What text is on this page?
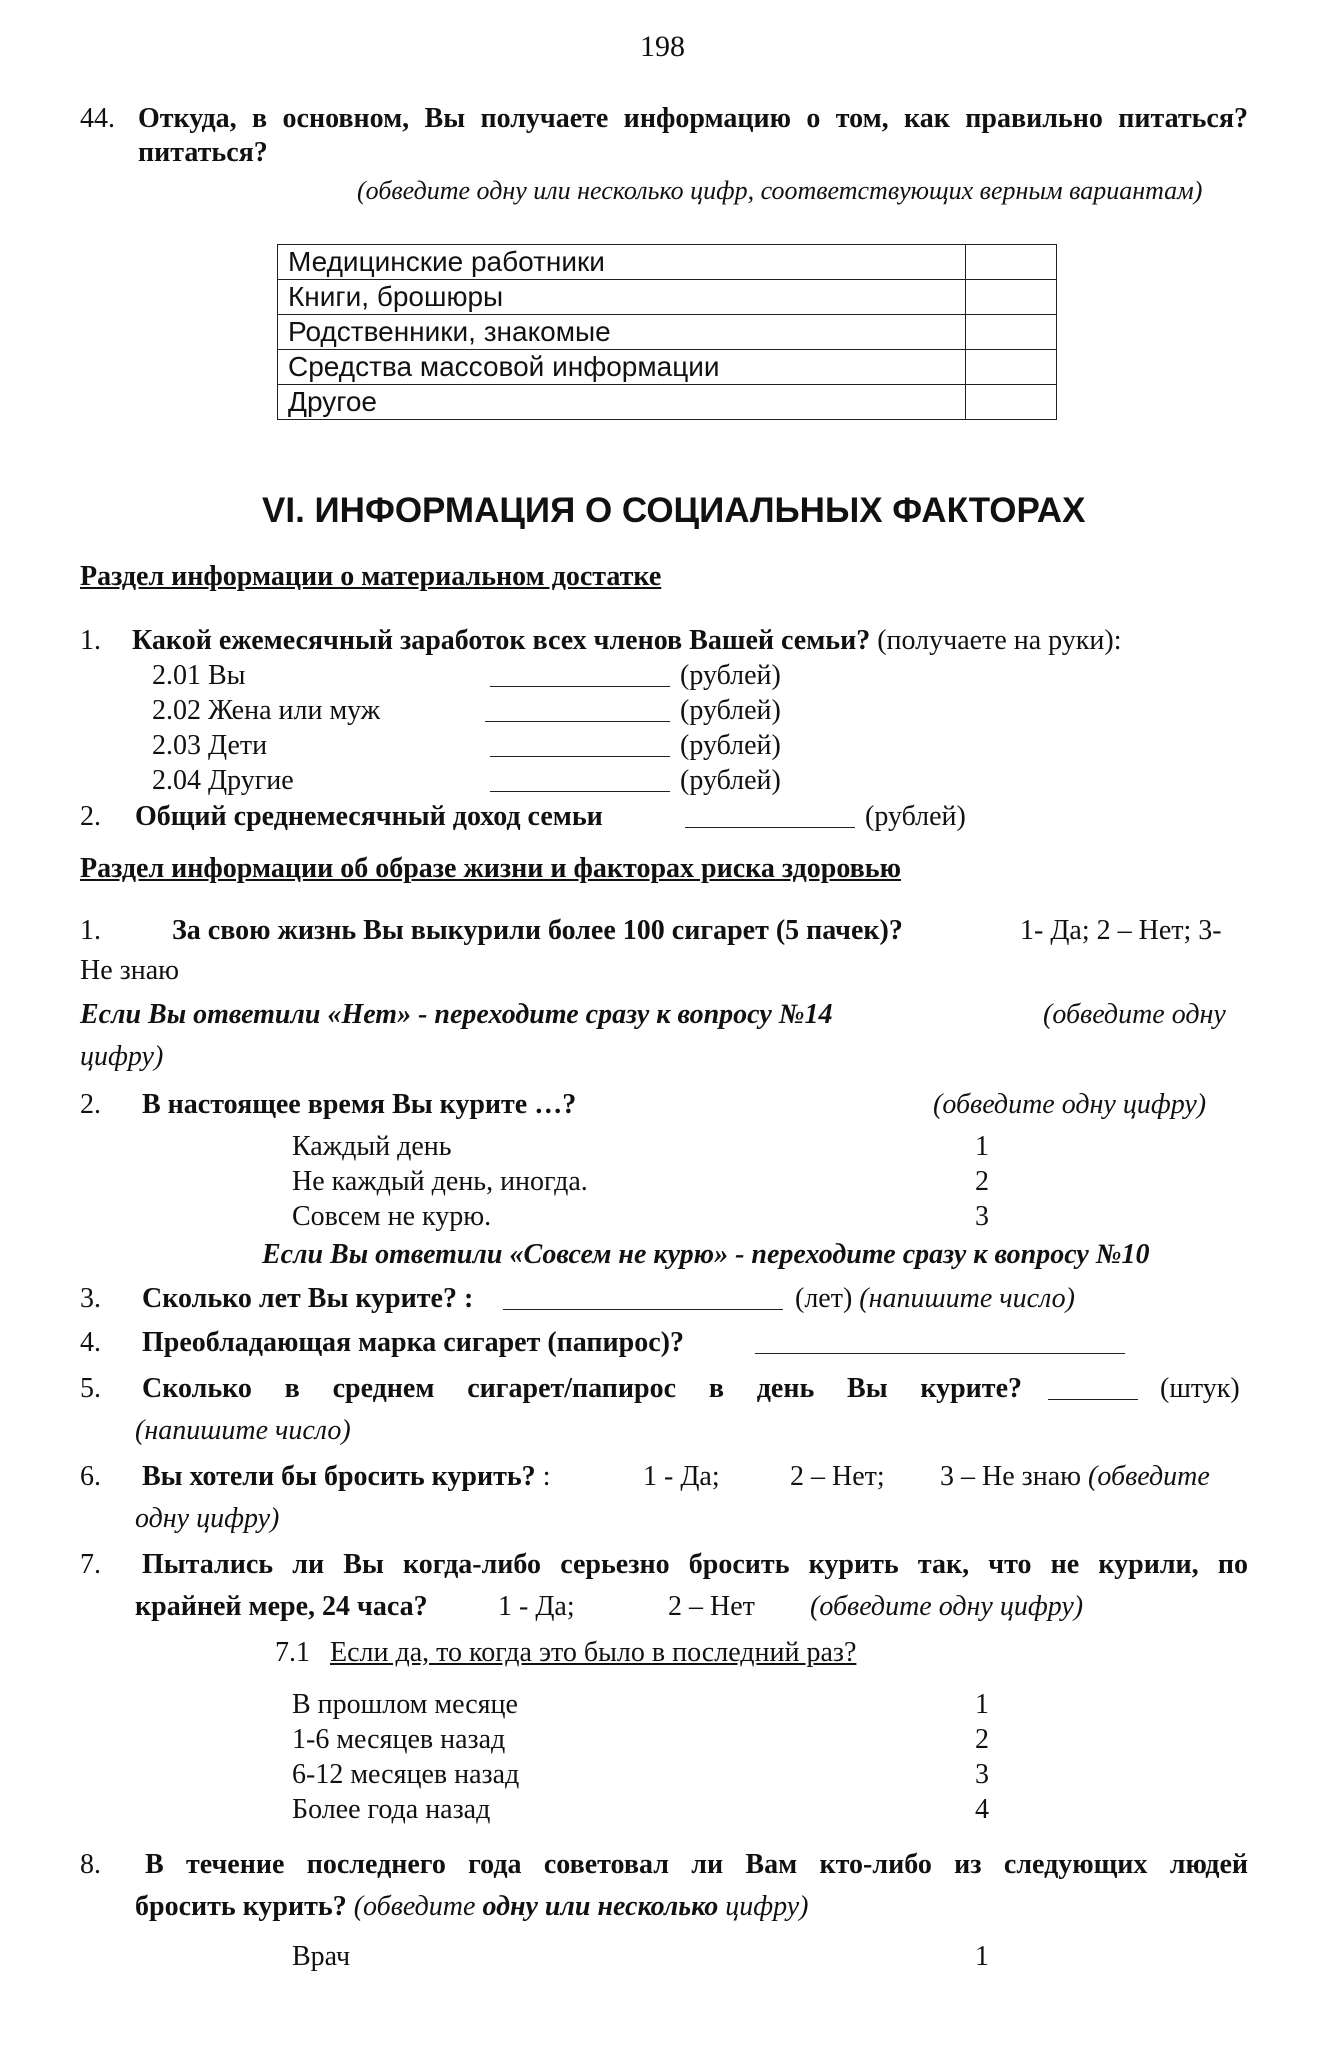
198
44. Откуда, в основном, Вы получаете информацию о том, как правильно питаться?
питаться?
(обведите одну или несколько цифр, соответствующих верным вариантам)
Медицинские работники	
Книги, брошюры	
Родственники, знакомые	
Средства массовой информации	
Другое	
VI. ИНФОРМАЦИЯ О СОЦИАЛЬНЫХ ФАКТОРАХ
Раздел информации о материальном достатке
1. Какой ежемесячный заработок всех членов Вашей семьи? (получаете на руки):
2.01 Вы	(рублей)
2.02 Жена или муж	(рублей)
2.03 Дети	(рублей)
2.04 Другие	(рублей)
2. Общий среднемесячный доход семьи	(рублей)
Раздел информации об образе жизни и факторах риска здоровью
1.	За свою жизнь Вы выкурили более 100 сигарет (5 пачек)?	1- Да; 2 – Нет; 3-
Не знаю
Если Вы ответили «Нет» - переходите сразу к вопросу №14	(обведите одну
цифру)
2. В настоящее время Вы курите …?	(обведите одну цифру)
Каждый день	1
Не каждый день, иногда.	2
Совсем не курю.	3
Если Вы ответили «Совсем не курю» - переходите сразу к вопросу №10
3. Сколько лет Вы курите? :	(лет) (напишите число)
4. Преобладающая марка сигарет (папирос)?
5. Сколько в среднем сигарет/папирос в день Вы курите?	(штук)
(напишите число)
6. Вы хотели бы бросить курить? :	1 - Да;	2 – Нет; 3 – Не знаю (обведите
одну цифру)
7. Пытались ли Вы когда-либо серьезно бросить курить так, что не курили, по
крайней мере, 24 часа?	1 - Да;	2 – Нет (обведите одну цифру)
7.1 Если да, то когда это было в последний раз?
В прошлом месяце	1
1-6 месяцев назад	2
6-12 месяцев назад	3
Более года назад	4
8. В течение последнего года советовал ли Вам кто-либо из следующих людей
бросить курить? (обведите одну или несколько цифру)
Врач	1
